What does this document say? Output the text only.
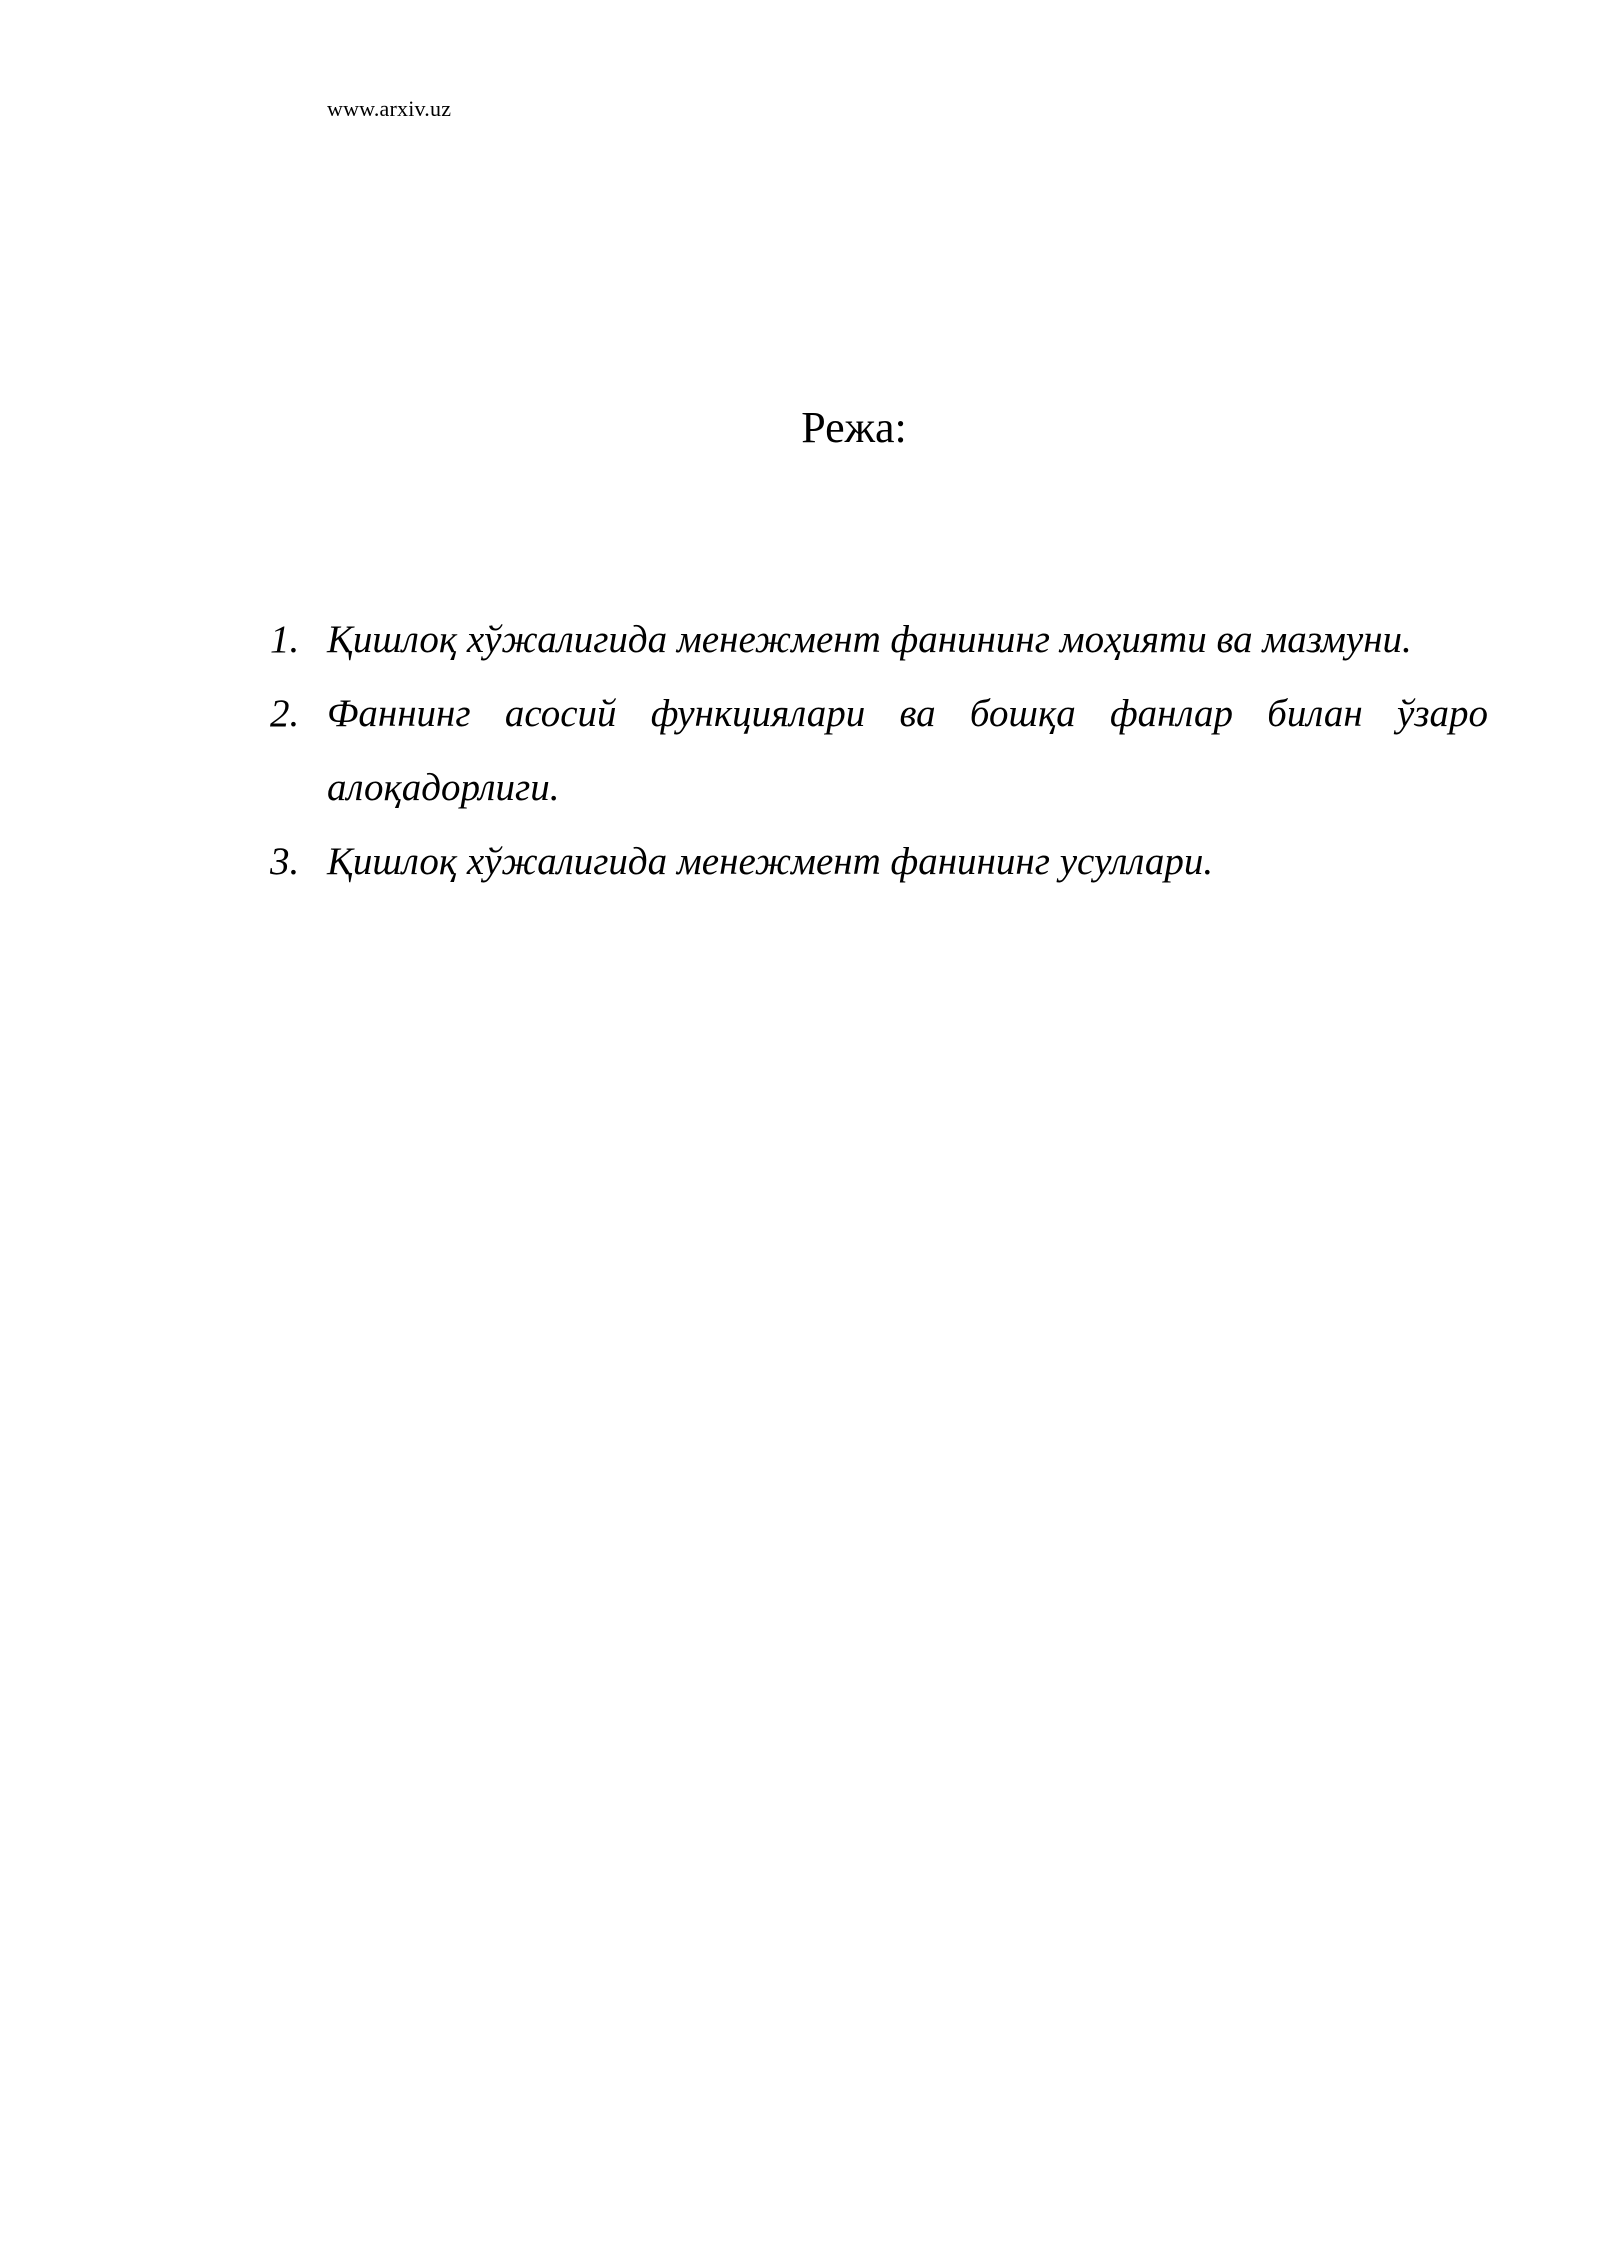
www.arxiv.uz
Режа:
1. Қишлоқ хўжалигида менежмент фанининг моҳияти ва мазмуни.
2. Фаннинг асосий функциялари ва бошқа фанлар билан ўзаро алоқадорлиги.
3. Қишлоқ хўжалигида менежмент фанининг усуллари.
